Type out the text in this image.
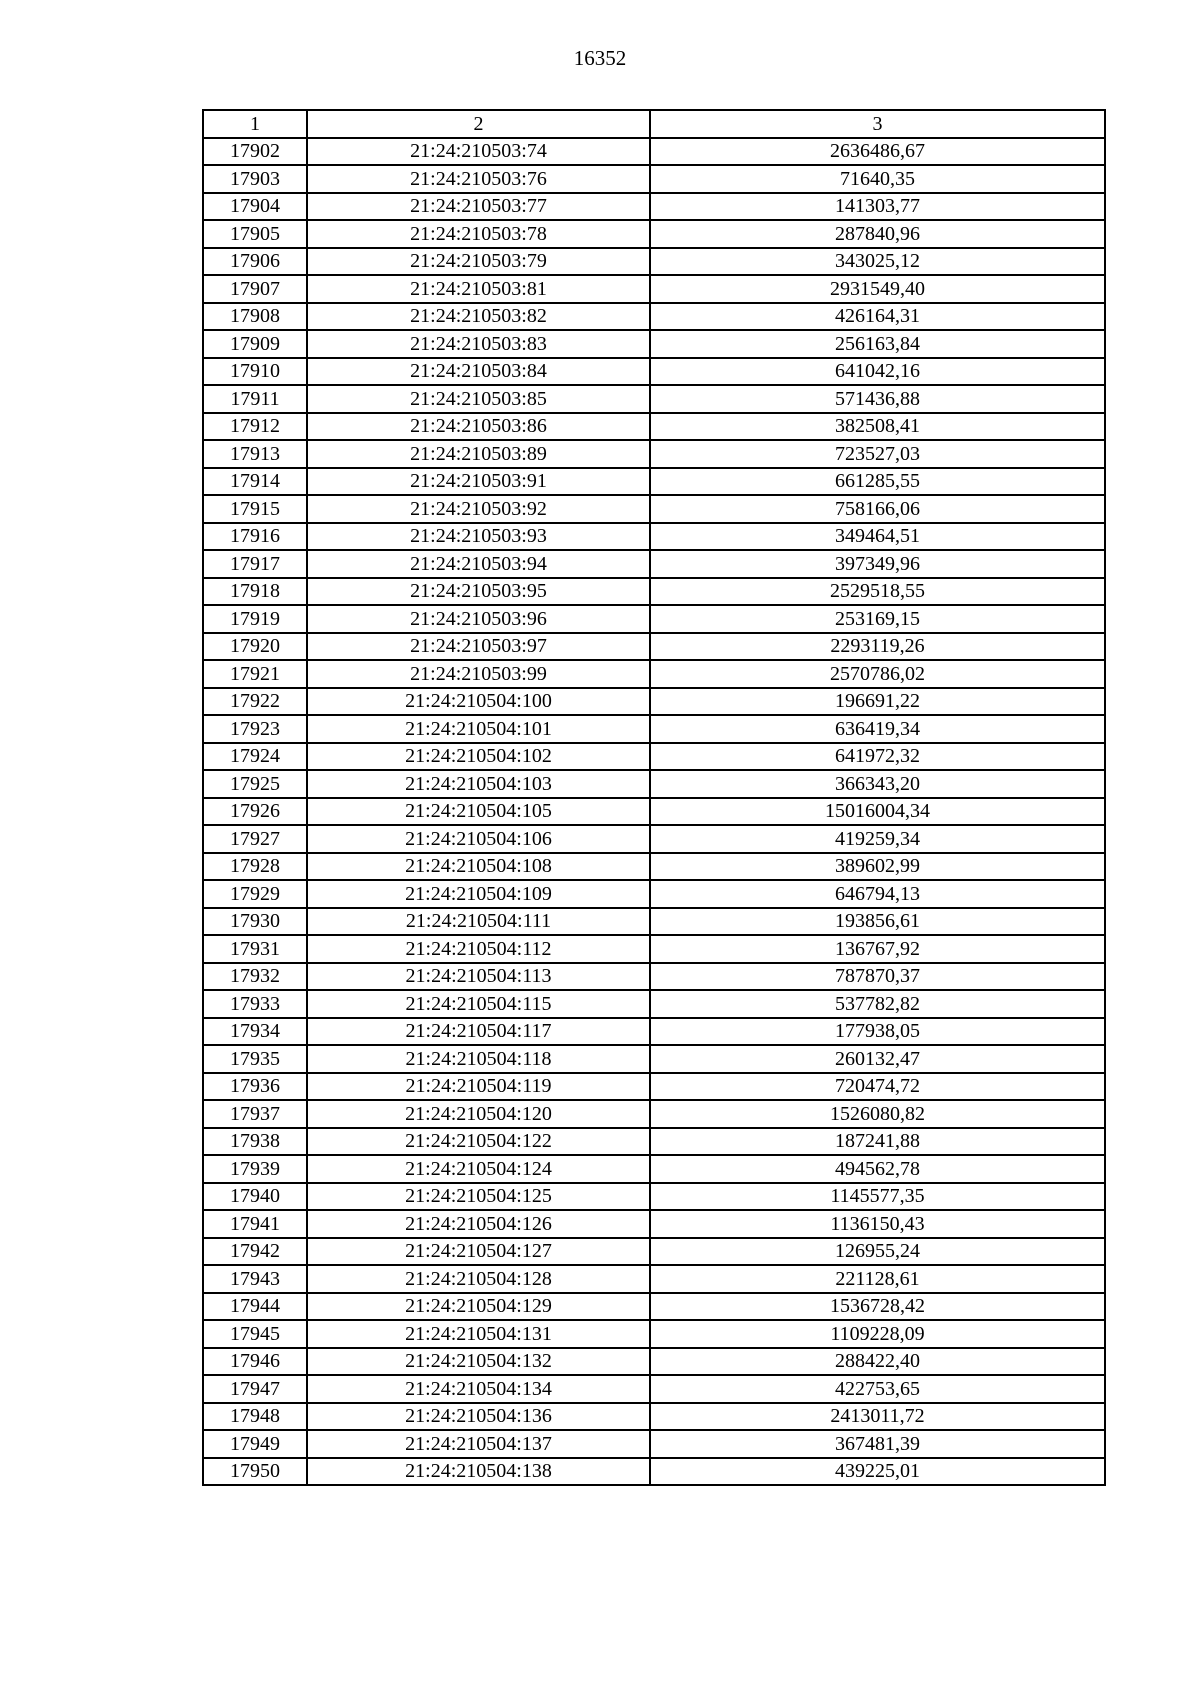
16352
1	2	3
17902	21:24:210503:74	2636486,67
17903	21:24:210503:76	71640,35
17904	21:24:210503:77	141303,77
17905	21:24:210503:78	287840,96
17906	21:24:210503:79	343025,12
17907	21:24:210503:81	2931549,40
17908	21:24:210503:82	426164,31
17909	21:24:210503:83	256163,84
17910	21:24:210503:84	641042,16
17911	21:24:210503:85	571436,88
17912	21:24:210503:86	382508,41
17913	21:24:210503:89	723527,03
17914	21:24:210503:91	661285,55
17915	21:24:210503:92	758166,06
17916	21:24:210503:93	349464,51
17917	21:24:210503:94	397349,96
17918	21:24:210503:95	2529518,55
17919	21:24:210503:96	253169,15
17920	21:24:210503:97	2293119,26
17921	21:24:210503:99	2570786,02
17922	21:24:210504:100	196691,22
17923	21:24:210504:101	636419,34
17924	21:24:210504:102	641972,32
17925	21:24:210504:103	366343,20
17926	21:24:210504:105	15016004,34
17927	21:24:210504:106	419259,34
17928	21:24:210504:108	389602,99
17929	21:24:210504:109	646794,13
17930	21:24:210504:111	193856,61
17931	21:24:210504:112	136767,92
17932	21:24:210504:113	787870,37
17933	21:24:210504:115	537782,82
17934	21:24:210504:117	177938,05
17935	21:24:210504:118	260132,47
17936	21:24:210504:119	720474,72
17937	21:24:210504:120	1526080,82
17938	21:24:210504:122	187241,88
17939	21:24:210504:124	494562,78
17940	21:24:210504:125	1145577,35
17941	21:24:210504:126	1136150,43
17942	21:24:210504:127	126955,24
17943	21:24:210504:128	221128,61
17944	21:24:210504:129	1536728,42
17945	21:24:210504:131	1109228,09
17946	21:24:210504:132	288422,40
17947	21:24:210504:134	422753,65
17948	21:24:210504:136	2413011,72
17949	21:24:210504:137	367481,39
17950	21:24:210504:138	439225,01
